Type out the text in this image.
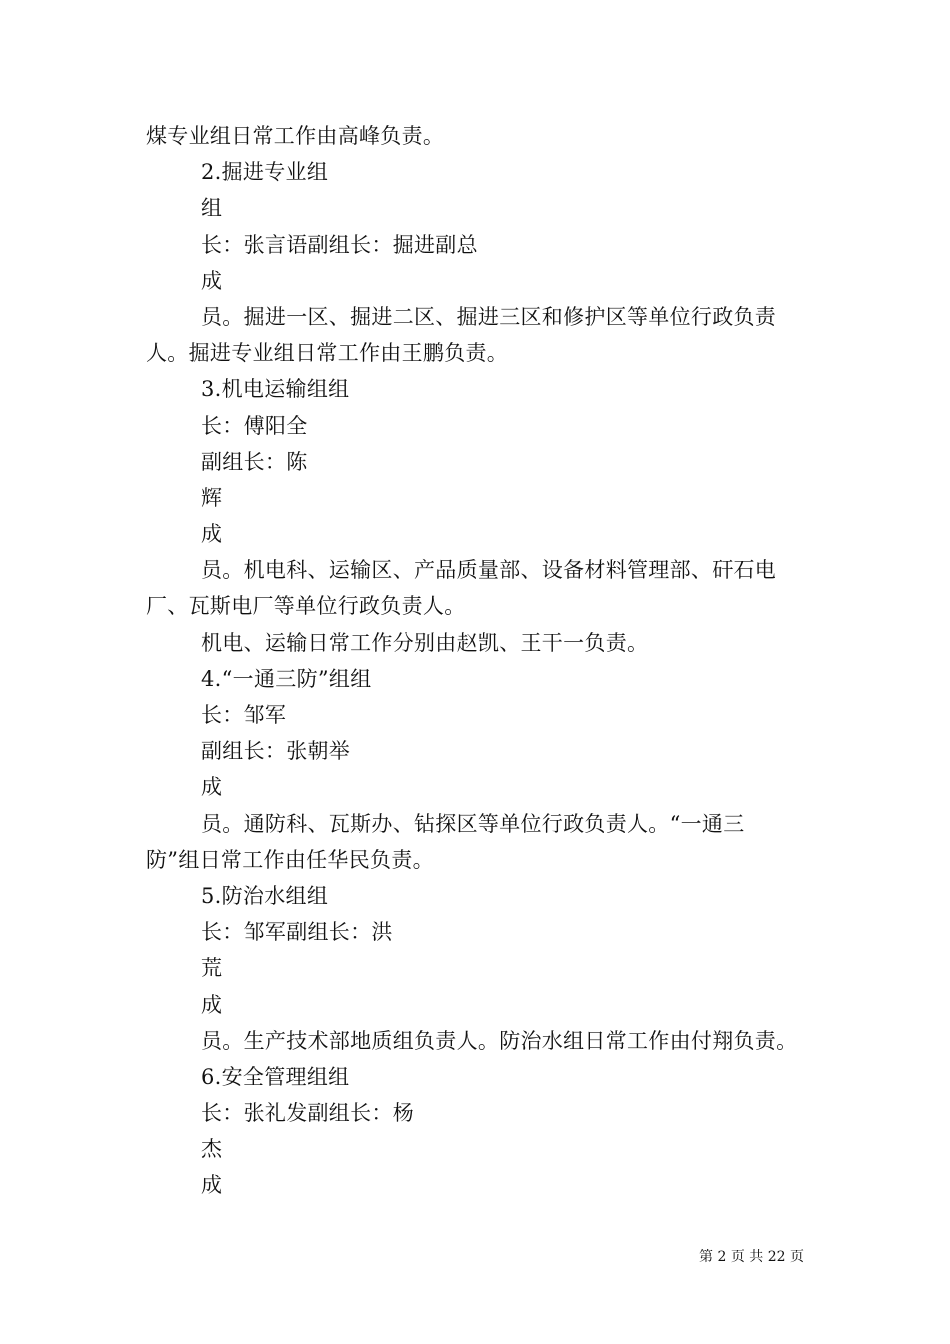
煤专业组日常工作由高峰负责。
2.掘进专业组
组
长：张言语副组长：掘进副总
成
员。掘进一区、掘进二区、掘进三区和修护区等单位行政负责
人。掘进专业组日常工作由王鹏负责。
3.机电运输组组
长：傅阳全
副组长：陈
辉
成
员。机电科、运输区、产品质量部、设备材料管理部、矸石电
厂、瓦斯电厂等单位行政负责人。
机电、运输日常工作分别由赵凯、王干一负责。
4.“一通三防”组组
长：邹军
副组长：张朝举
成
员。通防科、瓦斯办、钻探区等单位行政负责人。“一通三
防”组日常工作由任华民负责。
5.防治水组组
长：邹军副组长：洪
荒
成
员。生产技术部地质组负责人。防治水组日常工作由付翔负责。
6.安全管理组组
长：张礼发副组长：杨
杰
成
第 2 页 共 22 页
